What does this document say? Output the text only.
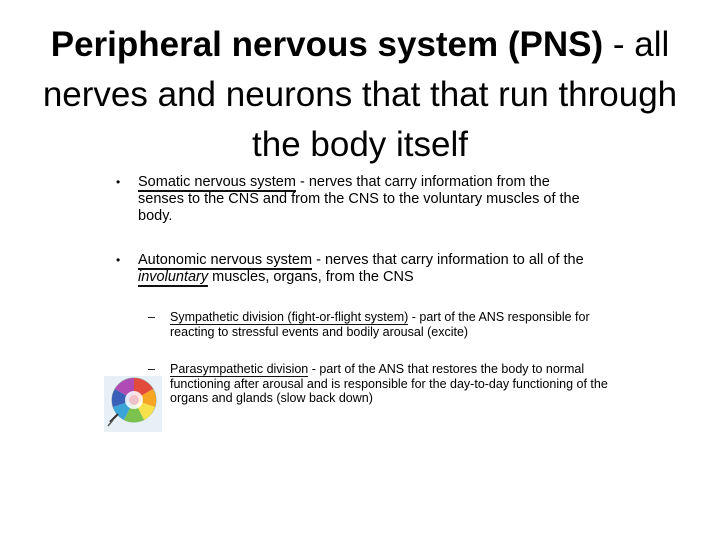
Peripheral nervous system (PNS) - all nerves and neurons that that run through the body itself
• Somatic nervous system - nerves that carry information from the senses to the CNS and from the CNS to the voluntary muscles of the body.
• Autonomic nervous system - nerves that carry information to all of the involuntary muscles, organs, from the CNS
– Sympathetic division (fight-or-flight system) - part of the ANS responsible for reacting to stressful events and bodily arousal (excite)
– Parasympathetic division - part of the ANS that restores the body to normal functioning after arousal and is responsible for the day-to-day functioning of the organs and glands (slow back down)
